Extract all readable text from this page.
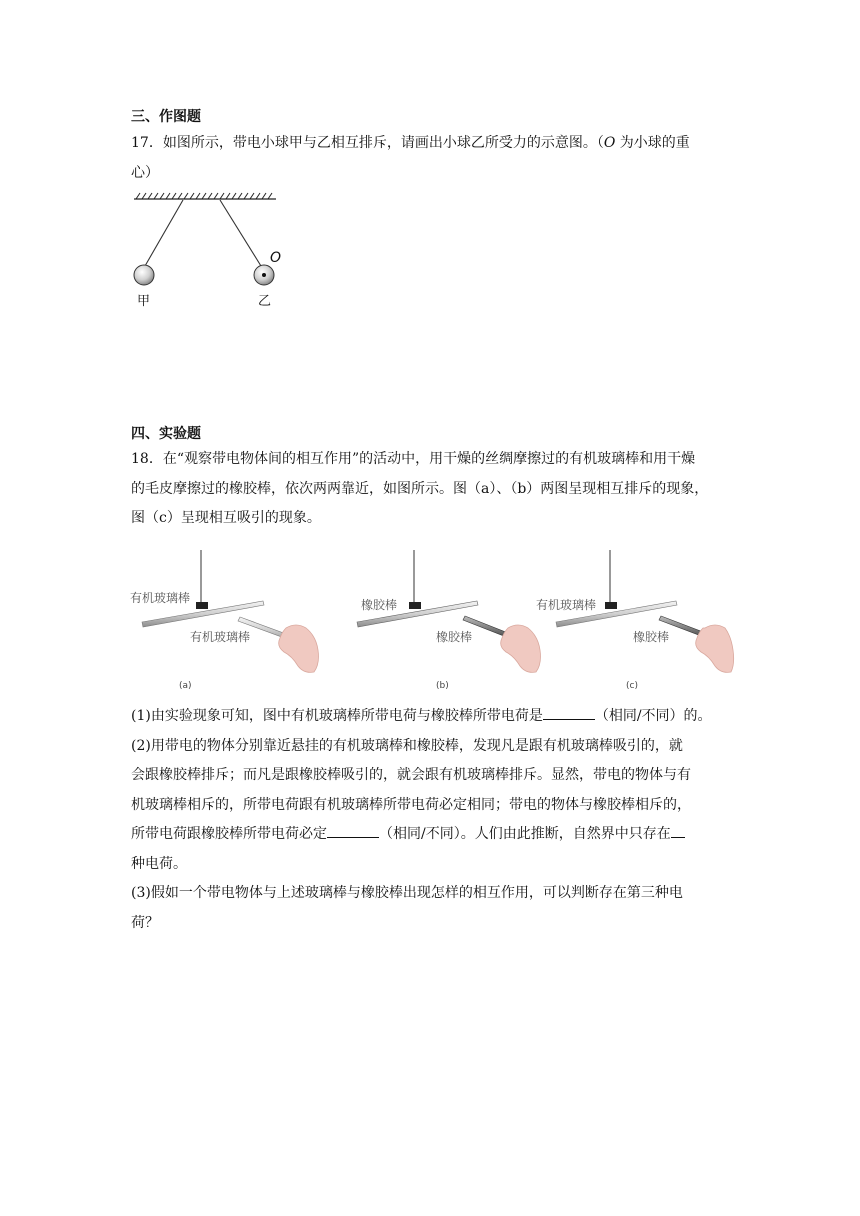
三、作图题
17．如图所示，带电小球甲与乙相互排斥，请画出小球乙所受力的示意图。（O 为小球的重
心）
O
甲	乙
四、实验题
18．在“观察带电物体间的相互作用”的活动中，用干燥的丝绸摩擦过的有机玻璃棒和用干燥
的毛皮摩擦过的橡胶棒，依次两两靠近，如图所示。图（a）、（b）两图呈现相互排斥的现象，
图（c）呈现相互吸引的现象。
有机玻璃棒
有机玻璃棒
(a)
橡胶棒
橡胶棒
(b)
有机玻璃棒
橡胶棒
(c)
(1)由实验现象可知，图中有机玻璃棒所带电荷与橡胶棒所带电荷是	（相同/不同）的。
(2)用带电的物体分别靠近悬挂的有机玻璃棒和橡胶棒，发现凡是跟有机玻璃棒吸引的，就
会跟橡胶棒排斥；而凡是跟橡胶棒吸引的，就会跟有机玻璃棒排斥。显然，带电的物体与有
机玻璃棒相斥的，所带电荷跟有机玻璃棒所带电荷必定相同；带电的物体与橡胶棒相斥的，
所带电荷跟橡胶棒所带电荷必定	（相同/不同）。人们由此推断，自然界中只存在
种电荷。
(3)假如一个带电物体与上述玻璃棒与橡胶棒出现怎样的相互作用，可以判断存在第三种电
荷？
